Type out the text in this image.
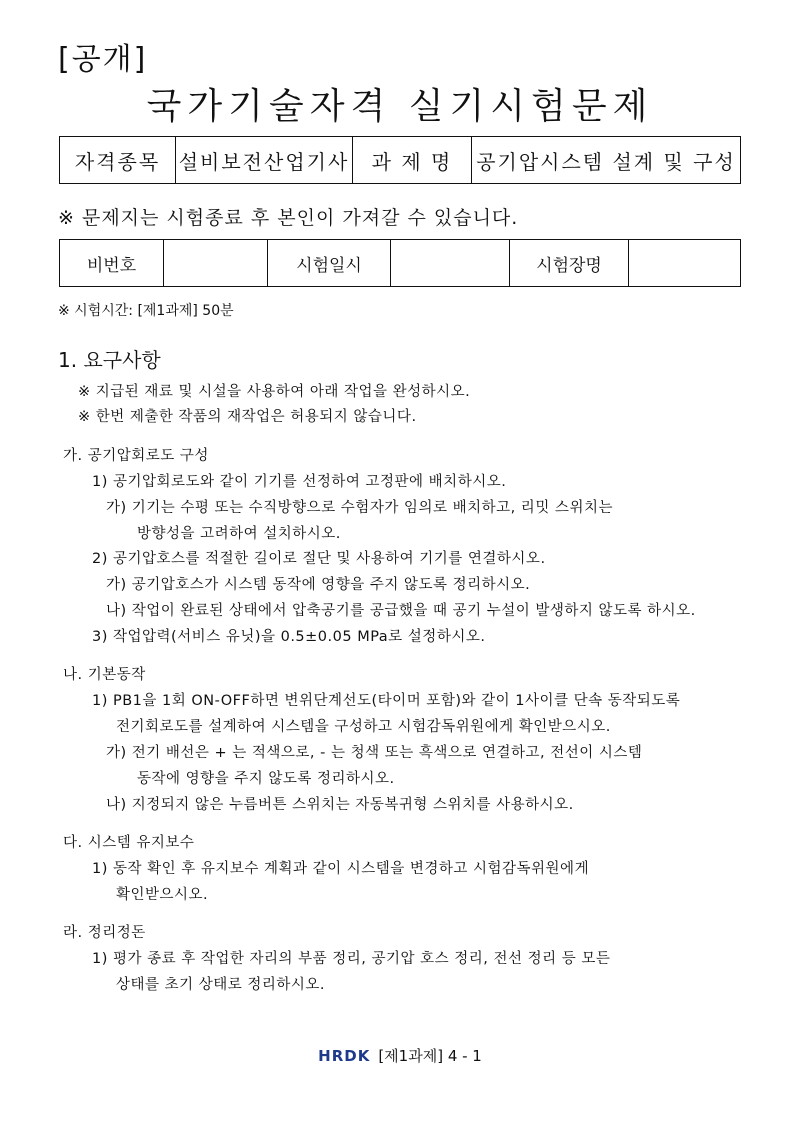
[공개]
국가기술자격 실기시험문제
자격종목	설비보전산업기사	과 제 명	공기압시스템 설계 및 구성
※ 문제지는 시험종료 후 본인이 가져갈 수 있습니다.
비번호		시험일시		시험장명	
※ 시험시간: [제1과제] 50분
1. 요구사항
※ 지급된 재료 및 시설을 사용하여 아래 작업을 완성하시오.
※ 한번 제출한 작품의 재작업은 허용되지 않습니다.
가. 공기압회로도 구성
1) 공기압회로도와 같이 기기를 선정하여 고정판에 배치하시오.
가) 기기는 수평 또는 수직방향으로 수험자가 임의로 배치하고, 리밋 스위치는
방향성을 고려하여 설치하시오.
2) 공기압호스를 적절한 길이로 절단 및 사용하여 기기를 연결하시오.
가) 공기압호스가 시스템 동작에 영향을 주지 않도록 정리하시오.
나) 작업이 완료된 상태에서 압축공기를 공급했을 때 공기 누설이 발생하지 않도록 하시오.
3) 작업압력(서비스 유닛)을 0.5±0.05 MPa로 설정하시오.
나. 기본동작
1) PB1을 1회 ON-OFF하면 변위단계선도(타이머 포함)와 같이 1사이클 단속 동작되도록
전기회로도를 설계하여 시스템을 구성하고 시험감독위원에게 확인받으시오.
가) 전기 배선은 + 는 적색으로, - 는 청색 또는 흑색으로 연결하고, 전선이 시스템
동작에 영향을 주지 않도록 정리하시오.
나) 지정되지 않은 누름버튼 스위치는 자동복귀형 스위치를 사용하시오.
다. 시스템 유지보수
1) 동작 확인 후 유지보수 계획과 같이 시스템을 변경하고 시험감독위원에게
확인받으시오.
라. 정리정돈
1) 평가 종료 후 작업한 자리의 부품 정리, 공기압 호스 정리, 전선 정리 등 모든
상태를 초기 상태로 정리하시오.
HRDK [제1과제] 4 - 1
